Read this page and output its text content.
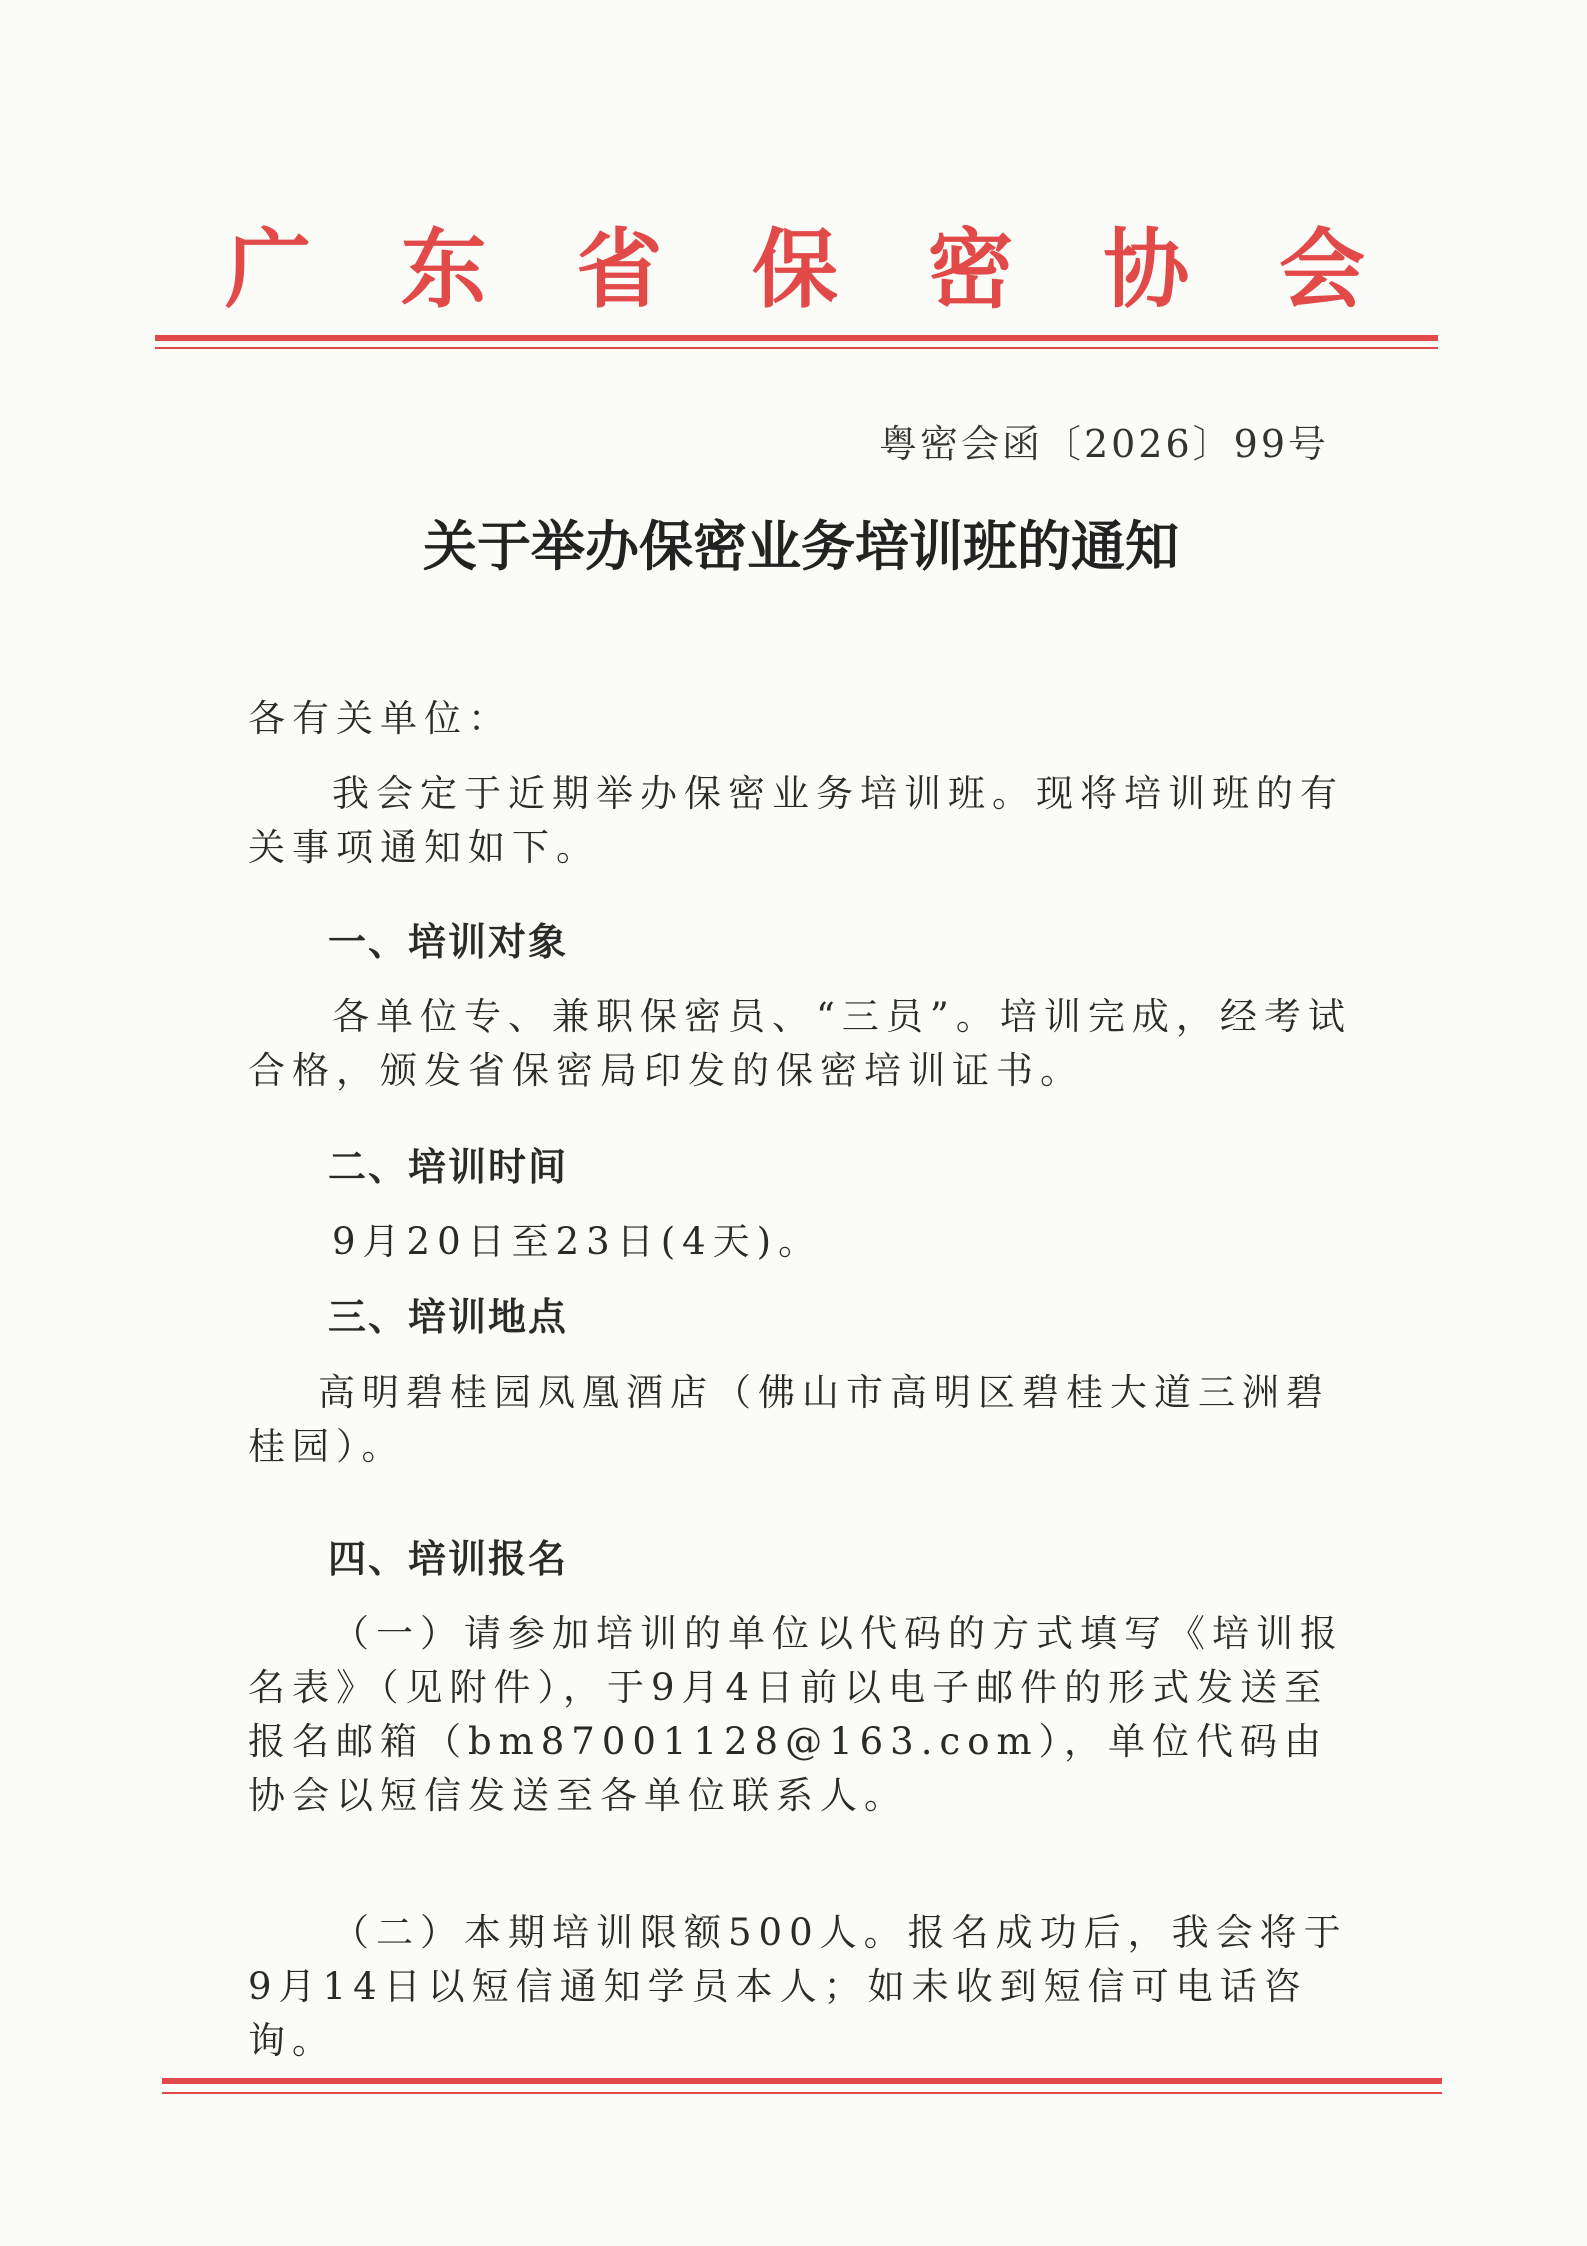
广 东 省 保 密 协 会
粤密会函〔2026〕99号
关于举办保密业务培训班的通知
各有关单位：
我会定于近期举办保密业务培训班。现将培训班的有关事项通知如下。
一、培训对象
各单位专、兼职保密员、“三员”。培训完成，经考试合格，颁发省保密局印发的保密培训证书。
二、培训时间
9月20日至23日(4天)。
三、培训地点
高明碧桂园凤凰酒店（佛山市高明区碧桂大道三洲碧桂园）。
四、培训报名
（一）请参加培训的单位以代码的方式填写《培训报名表》（见附件），于9月4日前以电子邮件的形式发送至报名邮箱（bm87001128@163.com），单位代码由协会以短信发送至各单位联系人。
（二）本期培训限额500人。报名成功后，我会将于9月14日以短信通知学员本人；如未收到短信可电话咨询。
